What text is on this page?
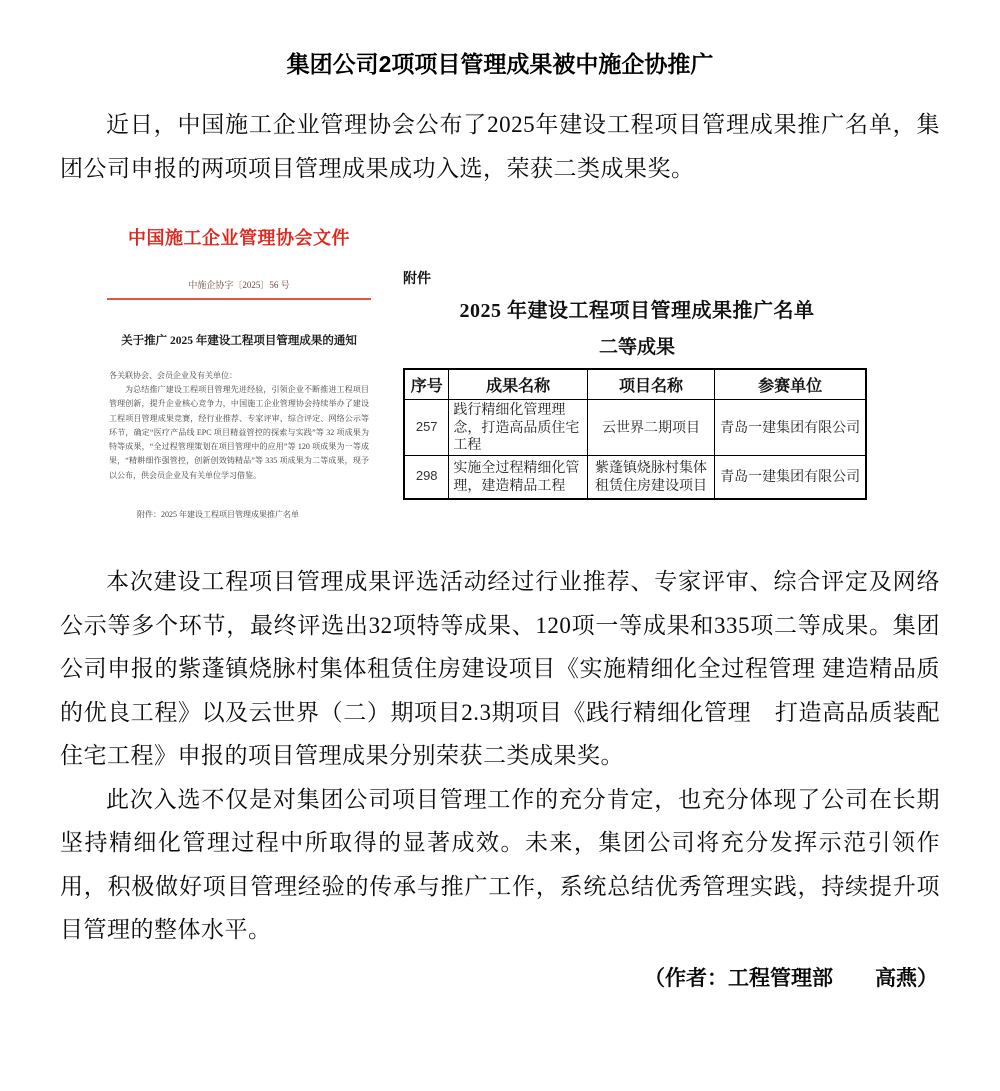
集团公司2项项目管理成果被中施企协推广

近日，中国施工企业管理协会公布了2025年建设工程项目管理成果推广名单，集团公司申报的两项项目管理成果成功入选，荣获二类成果奖。

中国施工企业管理协会文件
中施企协字〔2025〕56 号
关于推广 2025 年建设工程项目管理成果的通知
各关联协会、会员企业及有关单位：
为总结推广建设工程项目管理先进经验，引领企业不断推进工程项目管理创新，提升企业核心竞争力，中国施工企业管理协会持续举办了建设工程项目管理成果竞赛，经行业推荐、专家评审、综合评定、网络公示等环节，确定“医疗产品线 EPC 项目精益管控的探索与实践”等 32 项成果为特等成果，“全过程管理策划在项目管理中的应用”等 120 项成果为一等成果，“精耕细作强管控，创新创效铸精品”等 335 项成果为二等成果，现予以公布，供会员企业及有关单位学习借鉴。
附件：2025 年建设工程项目管理成果推广名单
附件
2025 年建设工程项目管理成果推广名单
二等成果
序号	成果名称	项目名称	参赛单位
257	践行精细化管理理念，打造高品质住宅工程	云世界二期项目	青岛一建集团有限公司
298	实施全过程精细化管理，建造精品工程	紫蓬镇烧脉村集体租赁住房建设项目	青岛一建集团有限公司

本次建设工程项目管理成果评选活动经过行业推荐、专家评审、综合评定及网络公示等多个环节，最终评选出32项特等成果、120项一等成果和335项二等成果。集团公司申报的紫蓬镇烧脉村集体租赁住房建设项目《实施精细化全过程管理 建造精品质的优良工程》以及云世界（二）期项目2.3期项目《践行精细化管理　打造高品质装配住宅工程》申报的项目管理成果分别荣获二类成果奖。

此次入选不仅是对集团公司项目管理工作的充分肯定，也充分体现了公司在长期坚持精细化管理过程中所取得的显著成效。未来，集团公司将充分发挥示范引领作用，积极做好项目管理经验的传承与推广工作，系统总结优秀管理实践，持续提升项目管理的整体水平。

（作者：工程管理部　　高燕）
